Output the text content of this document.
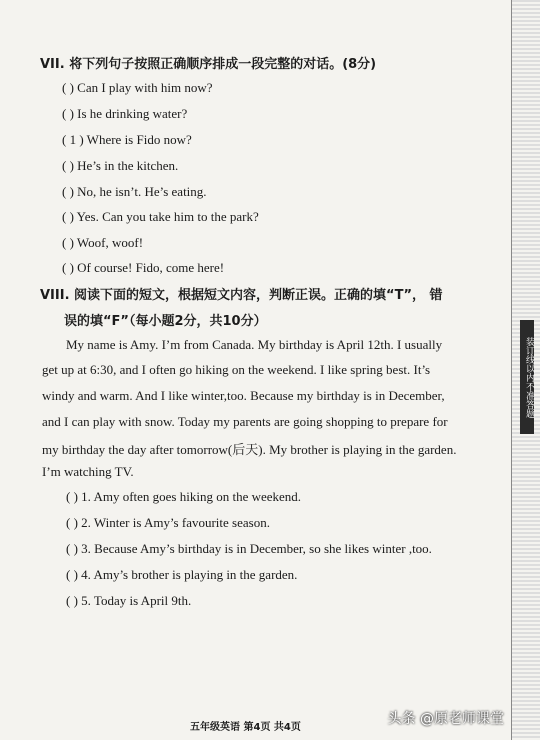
VII. 将下列句子按照正确顺序排成一段完整的对话。(8分)
( ) Can I play with him now?
( ) Is he drinking water?
( 1 ) Where is Fido now?
( ) He’s in the kitchen.
( ) No, he isn’t. He’s eating.
( ) Yes. Can you take him to the park?
( ) Woof, woof!
( ) Of course! Fido, come here!
VIII. 阅读下面的短文，根据短文内容，判断正误。正确的填“T”， 错
误的填“F”（每小题2分，共10分）
My name is Amy. I’m from Canada. My birthday is April 12th. I usually
get up at 6:30, and I often go hiking on the weekend. I like spring best. It’s
windy and warm. And I like winter,too. Because my birthday is in December,
and I can play with snow. Today my parents are going shopping to prepare for
my birthday the day after tomorrow(后天). My brother is playing in the garden.
I’m watching TV.
( ) 1. Amy often goes hiking on the weekend.
( ) 2. Winter is Amy’s favourite season.
( ) 3. Because Amy’s birthday is in December, so she likes winter ,too.
( ) 4. Amy’s brother is playing in the garden.
( ) 5. Today is April 9th.
装订线以内不准答题
五年级英语 第4页 共4页
头条 @原老师课堂
